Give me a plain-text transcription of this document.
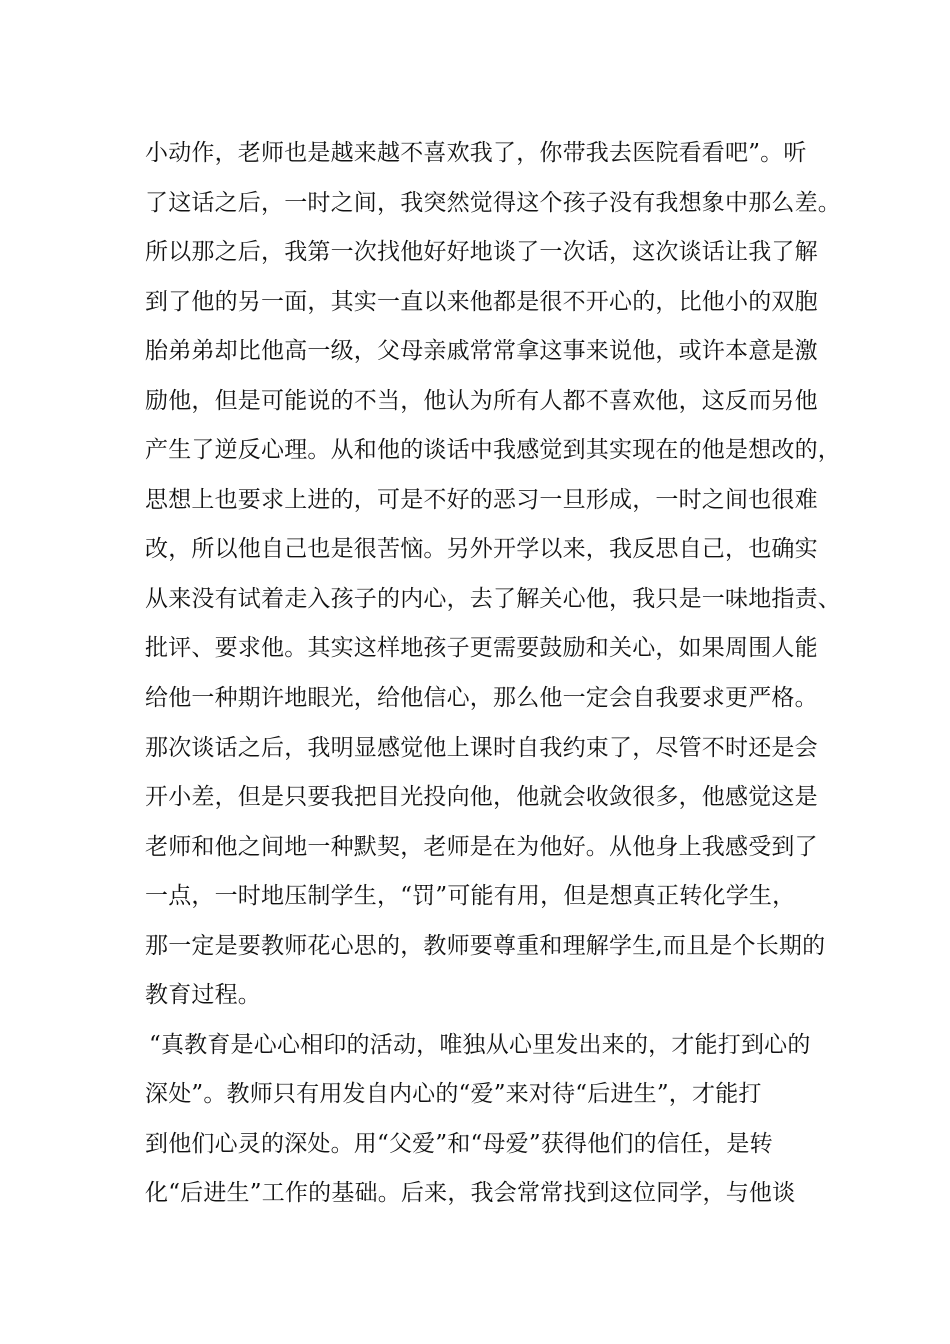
小动作，老师也是越来越不喜欢我了，你带我去医院看看吧”。听
了这话之后，一时之间，我突然觉得这个孩子没有我想象中那么差。
所以那之后，我第一次找他好好地谈了一次话，这次谈话让我了解
到了他的另一面，其实一直以来他都是很不开心的，比他小的双胞
胎弟弟却比他高一级，父母亲戚常常拿这事来说他，或许本意是激
励他，但是可能说的不当，他认为所有人都不喜欢他，这反而另他
产生了逆反心理。从和他的谈话中我感觉到其实现在的他是想改的，
思想上也要求上进的，可是不好的恶习一旦形成，一时之间也很难
改，所以他自己也是很苦恼。另外开学以来，我反思自己，也确实
从来没有试着走入孩子的内心，去了解关心他，我只是一味地指责、
批评、要求他。其实这样地孩子更需要鼓励和关心，如果周围人能
给他一种期许地眼光，给他信心，那么他一定会自我要求更严格。
那次谈话之后，我明显感觉他上课时自我约束了，尽管不时还是会
开小差，但是只要我把目光投向他，他就会收敛很多，他感觉这是
老师和他之间地一种默契，老师是在为他好。从他身上我感受到了
一点，一时地压制学生，“罚”可能有用，但是想真正转化学生，
那一定是要教师花心思的，教师要尊重和理解学生,而且是个长期的
教育过程。
“真教育是心心相印的活动，唯独从心里发出来的，才能打到心的
深处”。教师只有用发自内心的“爱”来对待“后进生”，才能打
到他们心灵的深处。用“父爱”和“母爱”获得他们的信任，是转
化“后进生”工作的基础。后来，我会常常找到这位同学，与他谈
